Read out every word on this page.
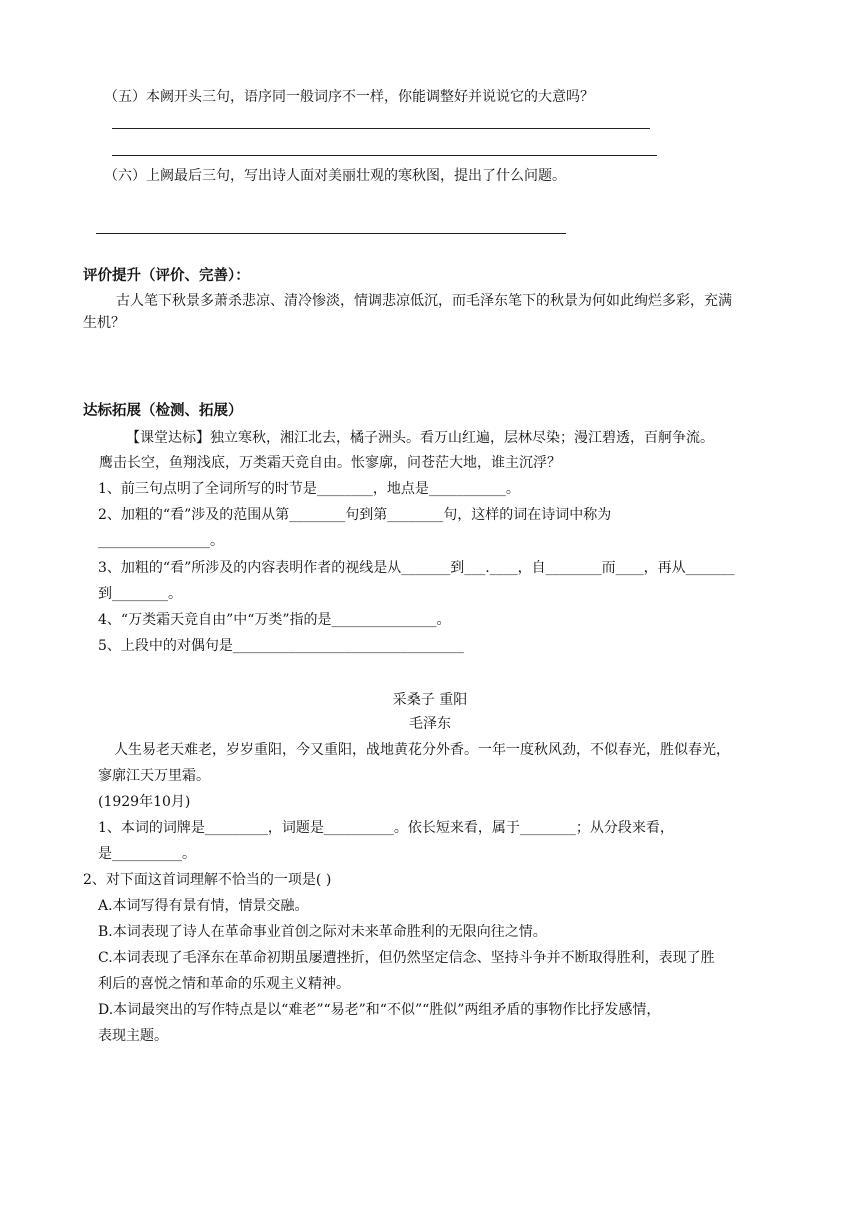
（五）本阙开头三句，语序同一般词序不一样，你能调整好并说说它的大意吗？
（六）上阙最后三句，写出诗人面对美丽壮观的寒秋图，提出了什么问题。
评价提升（评价、完善）：
古人笔下秋景多萧杀悲凉、清冷惨淡，情调悲凉低沉，而毛泽东笔下的秋景为何如此绚烂多彩，充满
生机？
达标拓展（检测、拓展）
【课堂达标】独立寒秋，湘江北去，橘子洲头。看万山红遍，层林尽染；漫江碧透，百舸争流。
鹰击长空，鱼翔浅底，万类霜天竞自由。怅寥廓，问苍茫大地，谁主沉浮？
1、前三句点明了全词所写的时节是________，地点是___________。
2、加粗的“看”涉及的范围从第________句到第________句，这样的词在诗词中称为
________________。
3、加粗的“看”所涉及的内容表明作者的视线是从_______到___.____，自________而____，再从_______
到________。
4、“万类霜天竞自由”中“万类”指的是_______________。
5、上段中的对偶句是_________________________________
采桑子 重阳
毛泽东
人生易老天难老，岁岁重阳，今又重阳，战地黄花分外香。一年一度秋风劲，不似春光，胜似春光，
寥廓江天万里霜。
(1929年10月)
1、本词的词牌是_________，词题是__________。依长短来看，属于________；从分段来看，
是__________。
2、对下面这首词理解不恰当的一项是( )
A.本词写得有景有情，情景交融。
B.本词表现了诗人在革命事业首创之际对未来革命胜利的无限向往之情。
C.本词表现了毛泽东在革命初期虽屡遭挫折，但仍然坚定信念、坚持斗争并不断取得胜利，表现了胜
利后的喜悦之情和革命的乐观主义精神。
D.本词最突出的写作特点是以“难老”“易老”和“不似”“胜似”两组矛盾的事物作比抒发感情，
表现主题。
